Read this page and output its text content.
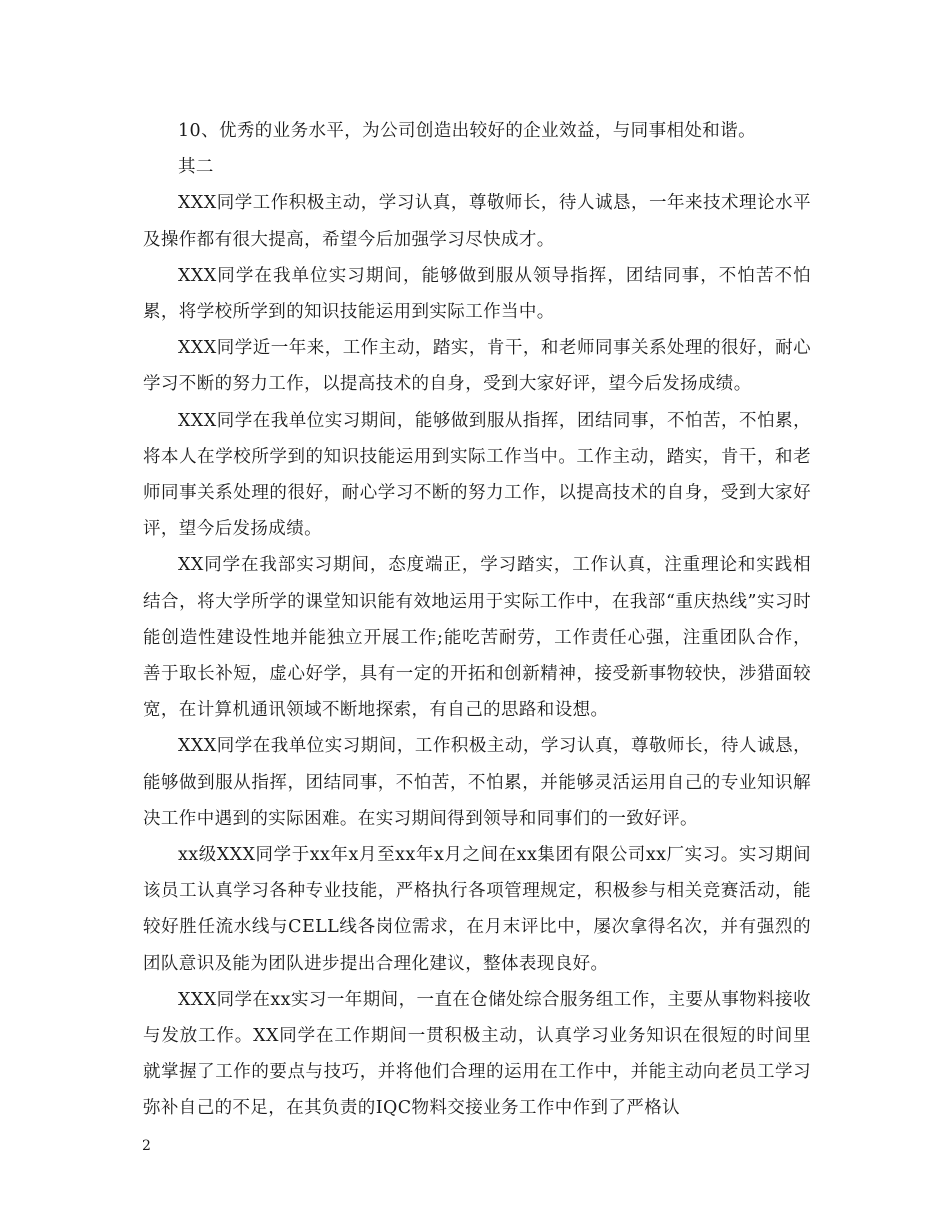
10、优秀的业务水平，为公司创造出较好的企业效益，与同事相处和谐。

其二

XXX同学工作积极主动，学习认真，尊敬师长，待人诚恳，一年来技术理论水平及操作都有很大提高，希望今后加强学习尽快成才。

XXX同学在我单位实习期间，能够做到服从领导指挥，团结同事，不怕苦不怕累，将学校所学到的知识技能运用到实际工作当中。

XXX同学近一年来，工作主动，踏实，肯干，和老师同事关系处理的很好，耐心学习不断的努力工作，以提高技术的自身，受到大家好评，望今后发扬成绩。

XXX同学在我单位实习期间，能够做到服从指挥，团结同事，不怕苦，不怕累，将本人在学校所学到的知识技能运用到实际工作当中。工作主动，踏实，肯干，和老师同事关系处理的很好，耐心学习不断的努力工作，以提高技术的自身，受到大家好评，望今后发扬成绩。

XX同学在我部实习期间，态度端正，学习踏实，工作认真，注重理论和实践相结合，将大学所学的课堂知识能有效地运用于实际工作中，在我部“重庆热线”实习时能创造性建设性地并能独立开展工作;能吃苦耐劳，工作责任心强，注重团队合作，善于取长补短，虚心好学，具有一定的开拓和创新精神，接受新事物较快，涉猎面较宽，在计算机通讯领域不断地探索，有自己的思路和设想。

XXX同学在我单位实习期间，工作积极主动，学习认真，尊敬师长，待人诚恳，能够做到服从指挥，团结同事，不怕苦，不怕累，并能够灵活运用自己的专业知识解决工作中遇到的实际困难。在实习期间得到领导和同事们的一致好评。

xx级XXX同学于xx年x月至xx年x月之间在xx集团有限公司xx厂实习。实习期间该员工认真学习各种专业技能，严格执行各项管理规定，积极参与相关竞赛活动，能较好胜任流水线与CELL线各岗位需求，在月末评比中，屡次拿得名次，并有强烈的团队意识及能为团队进步提出合理化建议，整体表现良好。

XXX同学在xx实习一年期间，一直在仓储处综合服务组工作，主要从事物料接收与发放工作。XX同学在工作期间一贯积极主动，认真学习业务知识在很短的时间里就掌握了工作的要点与技巧，并将他们合理的运用在工作中，并能主动向老员工学习弥补自己的不足，在其负责的IQC物料交接业务工作中作到了严格认

2
